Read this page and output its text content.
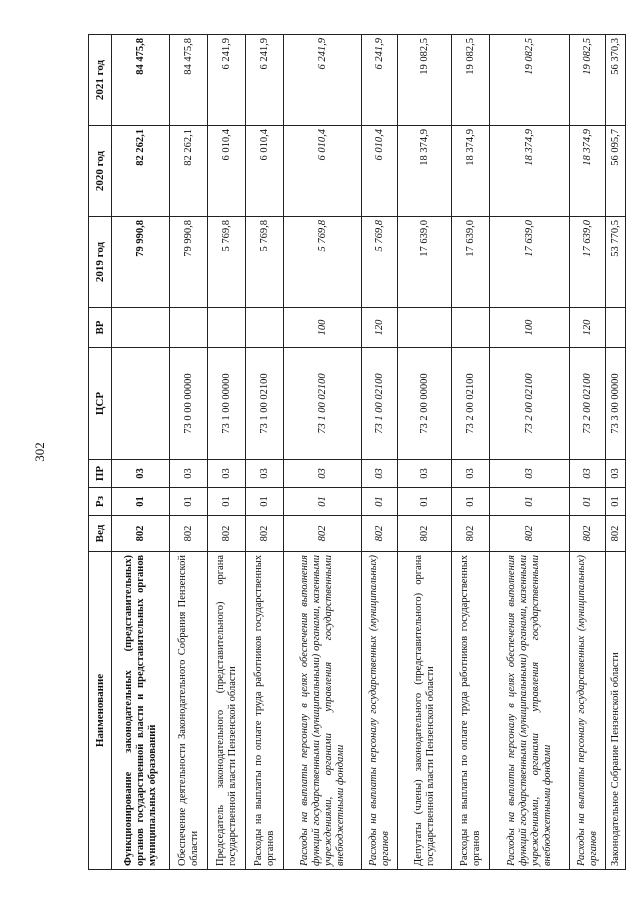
302
Наименование	Вед	Рз	ПР	ЦСР	ВР	2019 год	2020 год	2021 год
Функционирование законодательных (представительных) органов государственной власти и представительных органов муниципальных образований	802	01	03			79 990,8	82 262,1	84 475,8
Обеспечение деятельности Законодательного Собрания Пензенской области	802	01	03	73 0 00 00000		79 990,8	82 262,1	84 475,8
Председатель законодательного (представительного) органа государственной власти Пензенской области	802	01	03	73 1 00 00000		5 769,8	6 010,4	6 241,9
Расходы на выплаты по оплате труда работников государственных органов	802	01	03	73 1 00 02100		5 769,8	6 010,4	6 241,9
Расходы на выплаты персоналу в целях обеспечения выполнения функций государственными (муниципальными) органами, казенными учреждениями, органами управления государственными внебюджетными фондами	802	01	03	73 1 00 02100	100	5 769,8	6 010,4	6 241,9
Расходы на выплаты персоналу государственных (муниципальных) органов	802	01	03	73 1 00 02100	120	5 769,8	6 010,4	6 241,9
Депутаты (члены) законодательного (представительного) органа государственной власти Пензенской области	802	01	03	73 2 00 00000		17 639,0	18 374,9	19 082,5
Расходы на выплаты по оплате труда работников государственных органов	802	01	03	73 2 00 02100		17 639,0	18 374,9	19 082,5
Расходы на выплаты персоналу в целях обеспечения выполнения функций государственными (муниципальными) органами, казенными учреждениями, органами управления государственными внебюджетными фондами	802	01	03	73 2 00 02100	100	17 639,0	18 374,9	19 082,5
Расходы на выплаты персоналу государственных (муниципальных) органов	802	01	03	73 2 00 02100	120	17 639,0	18 374,9	19 082,5
Законодательное Собрание Пензенской области	802	01	03	73 3 00 00000		53 770,5	56 095,7	56 370,3
